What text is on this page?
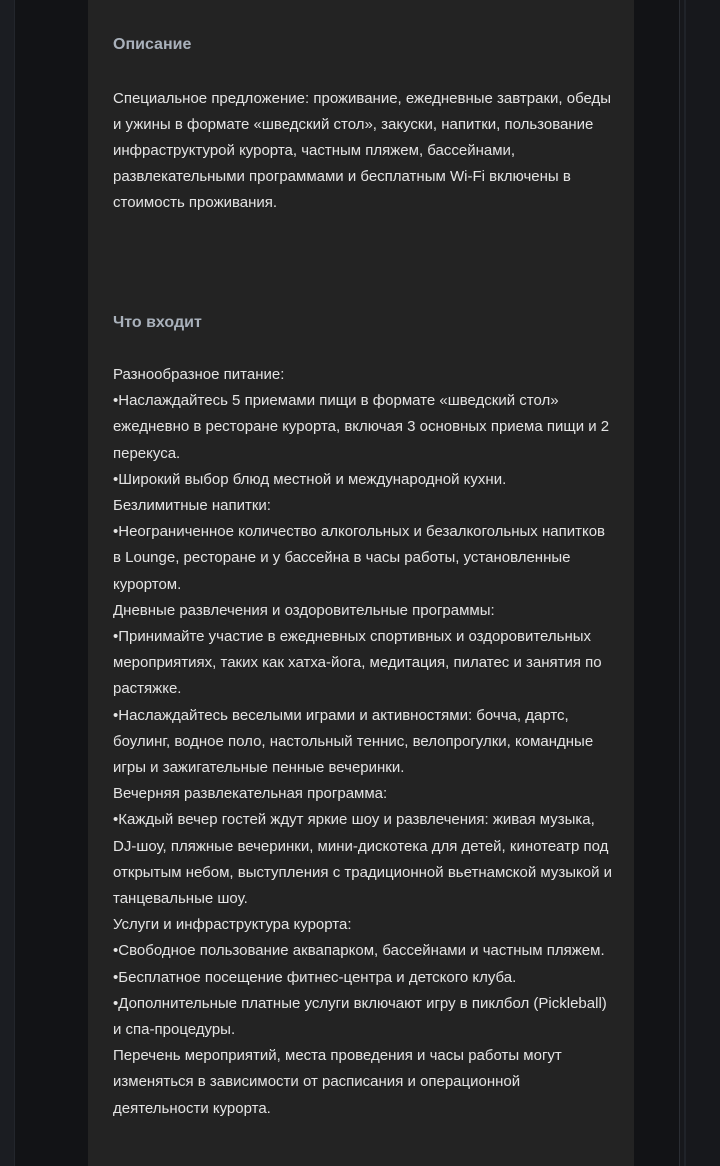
Описание
Специальное предложение: проживание, ежедневные завтраки, обеды и ужины в формате «шведский стол», закуски, напитки, пользование инфраструктурой курорта, частным пляжем, бассейнами, развлекательными программами и бесплатным Wi-Fi включены в стоимость проживания.
Что входит
Разнообразное питание:
•Наслаждайтесь 5 приемами пищи в формате «шведский стол» ежедневно в ресторане курорта, включая 3 основных приема пищи и 2 перекуса.
•Широкий выбор блюд местной и международной кухни.
Безлимитные напитки:
•Неограниченное количество алкогольных и безалкогольных напитков в Lounge, ресторане и у бассейна в часы работы, установленные курортом.
Дневные развлечения и оздоровительные программы:
•Принимайте участие в ежедневных спортивных и оздоровительных мероприятиях, таких как хатха-йога, медитация, пилатес и занятия по растяжке.
•Наслаждайтесь веселыми играми и активностями: бочча, дартс, боулинг, водное поло, настольный теннис, велопрогулки, командные игры и зажигательные пенные вечеринки.
Вечерняя развлекательная программа:
•Каждый вечер гостей ждут яркие шоу и развлечения: живая музыка, DJ-шоу, пляжные вечеринки, мини-дискотека для детей, кинотеатр под открытым небом, выступления с традиционной вьетнамской музыкой и танцевальные шоу.
Услуги и инфраструктура курорта:
•Свободное пользование аквапарком, бассейнами и частным пляжем.
•Бесплатное посещение фитнес-центра и детского клуба.
•Дополнительные платные услуги включают игру в пиклбол (Pickleball) и спа-процедуры.
Перечень мероприятий, места проведения и часы работы могут изменяться в зависимости от расписания и операционной деятельности курорта.
